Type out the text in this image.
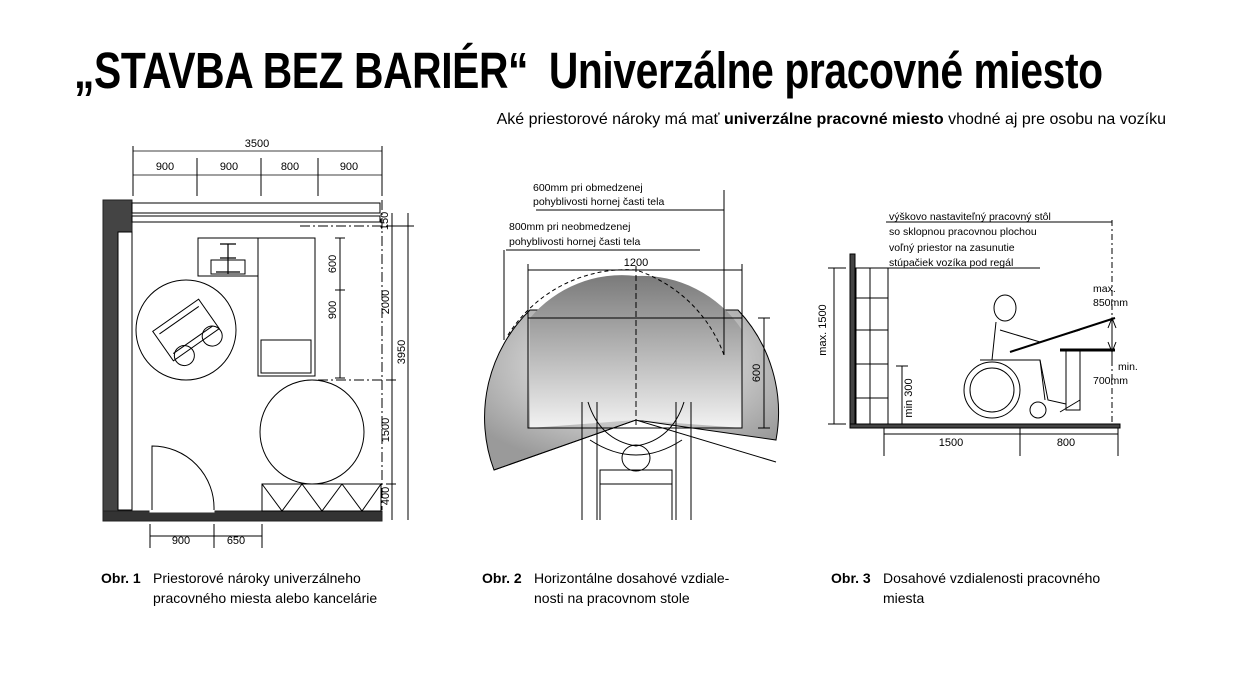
„STAVBA BEZ BARIÉR“ Univerzálne pracovné miesto
Aké priestorové nároky má mať univerzálne pracovné miesto vhodné aj pre osobu na vozíku
3500
900	900	800	900
150
600
900	2000
3950
1500
400
900	650
600mm pri obmedzenej
pohyblivosti hornej časti tela
800mm pri neobmedzenej
pohyblivosti hornej časti tela
1200
600
výškovo nastaviteľný pracovný stôl
so sklopnou pracovnou plochou
voľný priestor na zasunutie
stúpačiek vozíka pod regál
max.
850mm
min.
700mm
max. 1500
min 300
1500	800
Obr. 1 Priestorové nároky univerzálneho
pracovného miesta alebo kancelárie
Obr. 2 Horizontálne dosahové vzdiale-
nosti na pracovnom stole
Obr. 3 Dosahové vzdialenosti pracovného
miesta
